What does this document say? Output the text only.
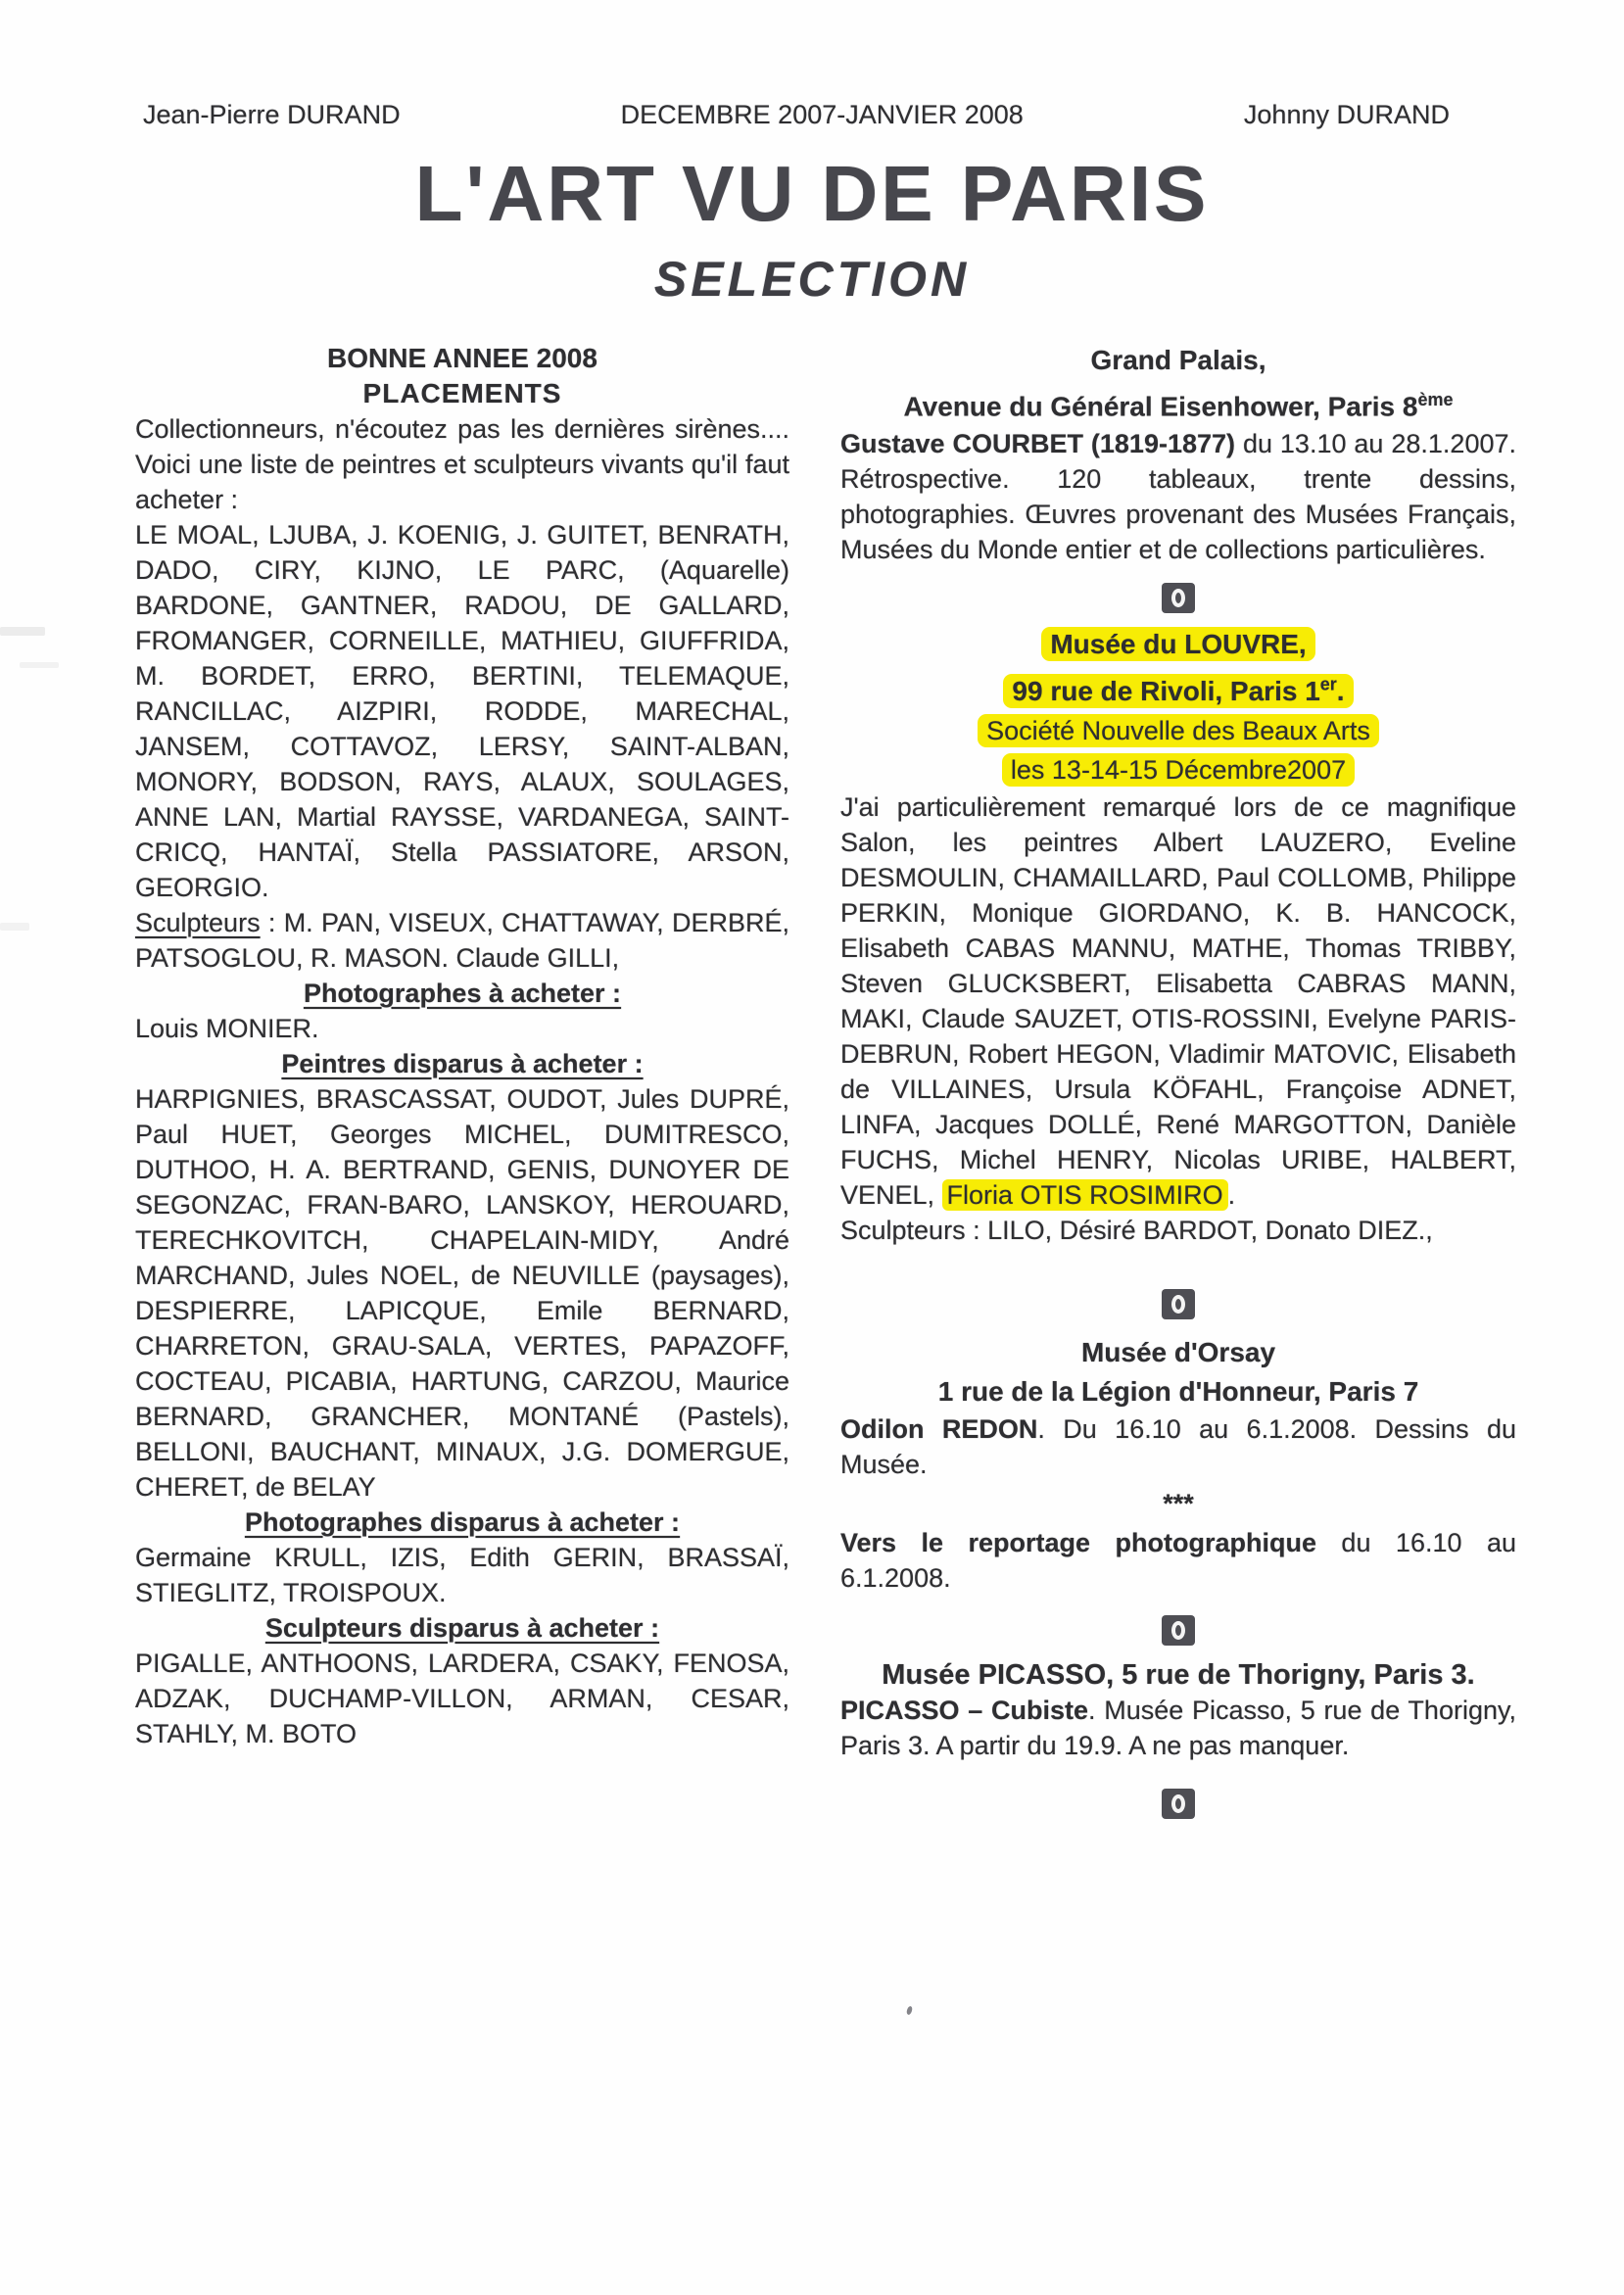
Jean-Pierre DURAND	DECEMBRE 2007-JANVIER 2008	Johnny DURAND
L'ART VU DE PARIS
SELECTION
BONNE ANNEE 2008
PLACEMENTS

Collectionneurs, n'écoutez pas les dernières sirènes.... Voici une liste de peintres et sculpteurs vivants qu'il faut acheter :

LE MOAL, LJUBA, J. KOENIG, J. GUITET, BENRATH, DADO, CIRY, KIJNO, LE PARC, (Aquarelle) BARDONE, GANTNER, RADOU, DE GALLARD, FROMANGER, CORNEILLE, MATHIEU, GIUFFRIDA, M. BORDET, ERRO, BERTINI, TELEMAQUE, RANCILLAC, AIZPIRI, RODDE, MARECHAL, JANSEM, COTTAVOZ, LERSY, SAINT-ALBAN, MONORY, BODSON, RAYS, ALAUX, SOULAGES, ANNE LAN, Martial RAYSSE, VARDANEGA, SAINT-CRICQ, HANTAÏ, Stella PASSIATORE, ARSON, GEORGIO.

Sculpteurs : M. PAN, VISEUX, CHATTAWAY, DERBRÉ, PATSOGLOU, R. MASON. Claude GILLI,

Photographes à acheter :

Louis MONIER.

Peintres disparus à acheter :

HARPIGNIES, BRASCASSAT, OUDOT, Jules DUPRÉ, Paul HUET, Georges MICHEL, DUMITRESCO, DUTHOO, H. A. BERTRAND, GENIS, DUNOYER DE SEGONZAC, FRAN-BARO, LANSKOY, HEROUARD, TERECHKOVITCH, CHAPELAIN-MIDY, André MARCHAND, Jules NOEL, de NEUVILLE (paysages), DESPIERRE, LAPICQUE, Emile BERNARD, CHARRETON, GRAU-SALA, VERTES, PAPAZOFF, COCTEAU, PICABIA, HARTUNG, CARZOU, Maurice BERNARD, GRANCHER, MONTANÉ (Pastels), BELLONI, BAUCHANT, MINAUX, J.G. DOMERGUE, CHERET, de BELAY

Photographes disparus à acheter :

Germaine KRULL, IZIS, Edith GERIN, BRASSAÏ, STIEGLITZ, TROISPOUX.

Sculpteurs disparus à acheter :

PIGALLE, ANTHOONS, LARDERA, CSAKY, FENOSA, ADZAK, DUCHAMP-VILLON, ARMAN, CESAR, STAHLY, M. BOTO

Grand Palais,
Avenue du Général Eisenhower, Paris 8ème

Gustave COURBET (1819-1877) du 13.10 au 28.1.2007. Rétrospective. 120 tableaux, trente dessins, photographies. Œuvres provenant des Musées Français, Musées du Monde entier et de collections particulières.

Musée du LOUVRE,
99 rue de Rivoli, Paris 1er.
Société Nouvelle des Beaux Arts
les 13-14-15 Décembre2007

J'ai particulièrement remarqué lors de ce magnifique Salon, les peintres Albert LAUZERO, Eveline DESMOULIN, CHAMAILLARD, Paul COLLOMB, Philippe PERKIN, Monique GIORDANO, K. B. HANCOCK, Elisabeth CABAS MANNU, MATHE, Thomas TRIBBY, Steven GLUCKSBERT, Elisabetta CABRAS MANN, MAKI, Claude SAUZET, OTIS-ROSSINI, Evelyne PARIS-DEBRUN, Robert HEGON, Vladimir MATOVIC, Elisabeth de VILLAINES, Ursula KÖFAHL, Françoise ADNET, LINFA, Jacques DOLLÉ, René MARGOTTON, Danièle FUCHS, Michel HENRY, Nicolas URIBE, HALBERT, VENEL, Floria OTIS ROSIMIRO .
Sculpteurs : LILO, Désiré BARDOT, Donato DIEZ.,

Musée d'Orsay
1 rue de la Légion d'Honneur, Paris 7

Odilon REDON. Du 16.10 au 6.1.2008. Dessins du Musée.

***

Vers le reportage photographique du 16.10 au 6.1.2008.

Musée PICASSO, 5 rue de Thorigny, Paris 3.

PICASSO – Cubiste. Musée Picasso, 5 rue de Thorigny, Paris 3. A partir du 19.9. A ne pas manquer.
